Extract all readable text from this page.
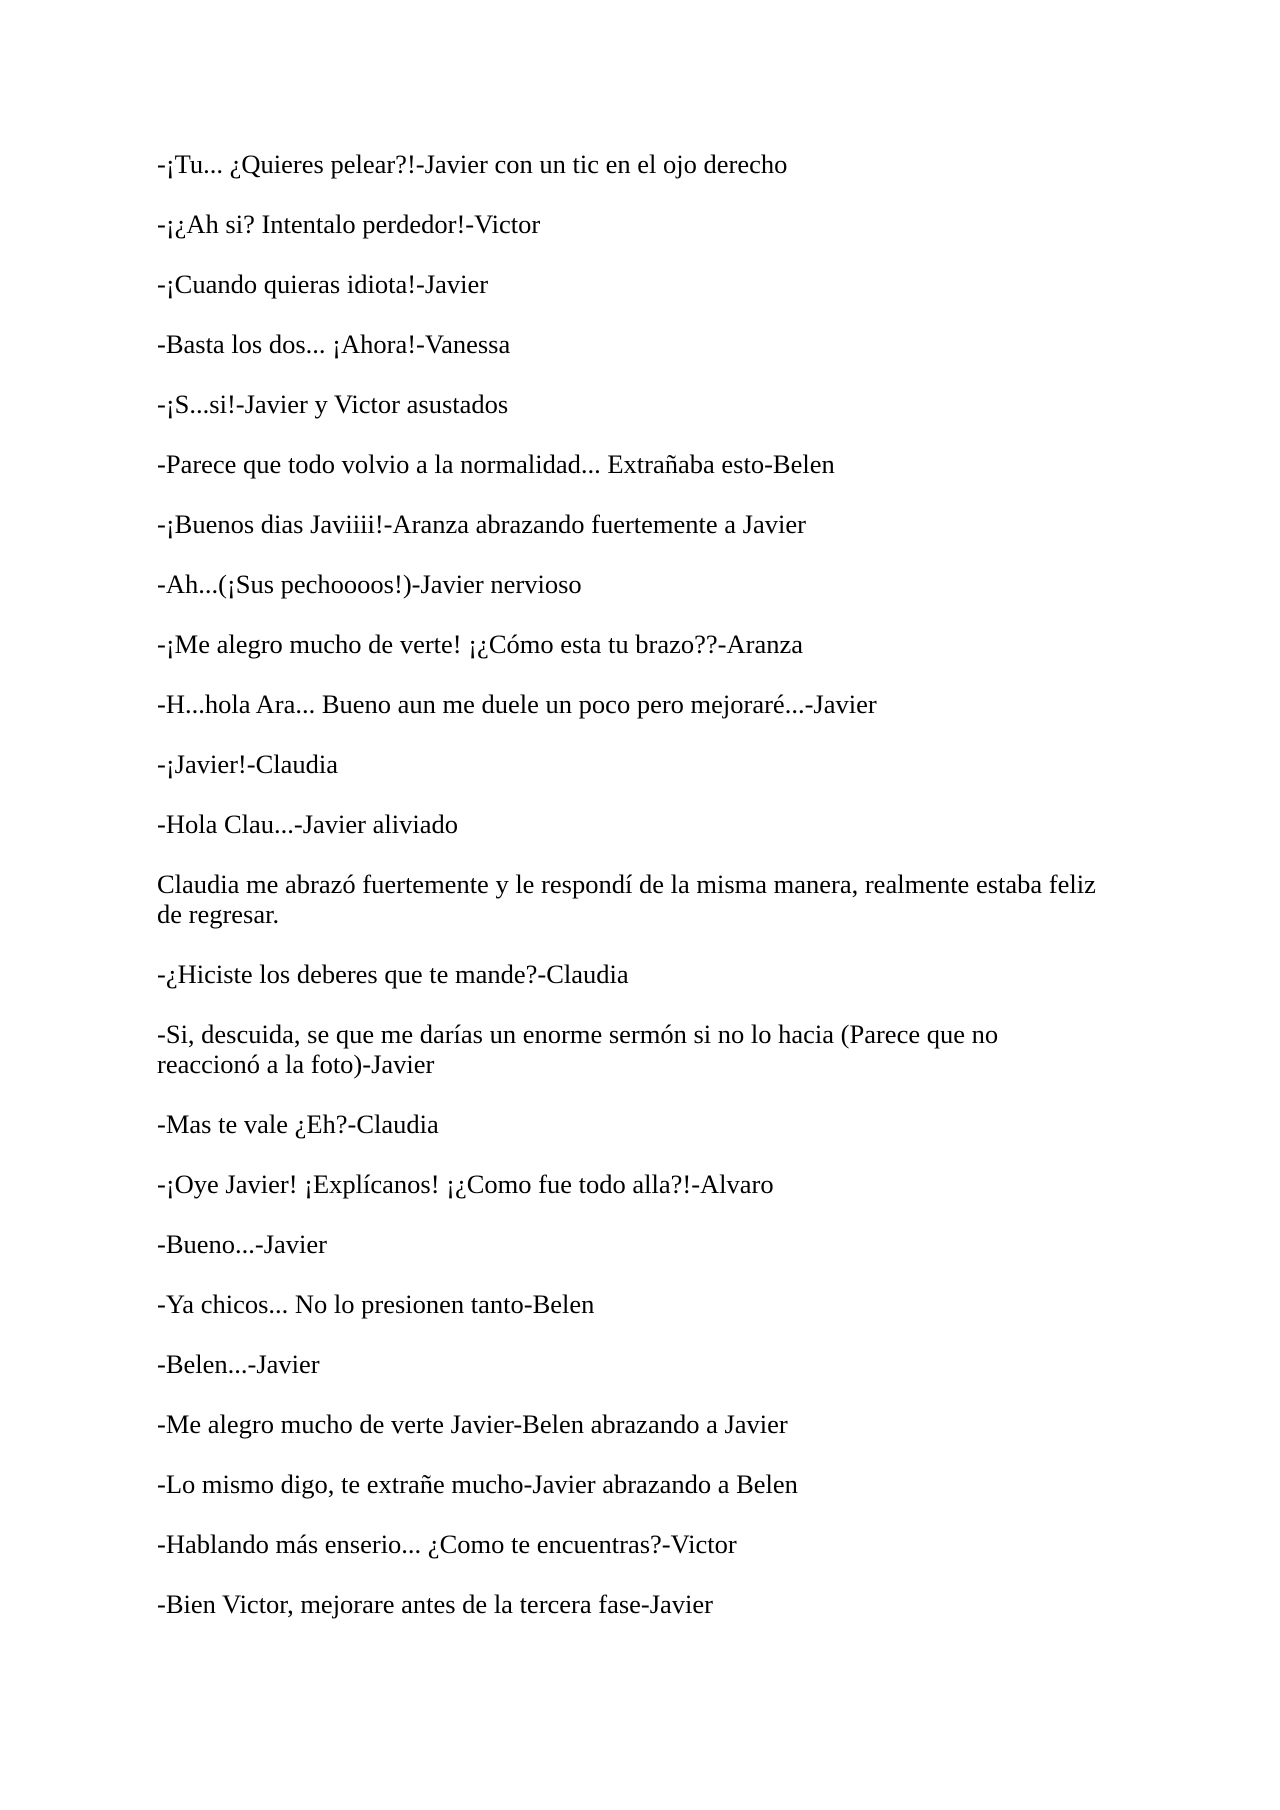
-¡Tu... ¿Quieres pelear?!-Javier con un tic en el ojo derecho

-¡¿Ah si? Intentalo perdedor!-Victor

-¡Cuando quieras idiota!-Javier

-Basta los dos... ¡Ahora!-Vanessa

-¡S...si!-Javier y Victor asustados

-Parece que todo volvio a la normalidad... Extrañaba esto-Belen

-¡Buenos dias Javiiii!-Aranza abrazando fuertemente a Javier

-Ah...(¡Sus pechoooos!)-Javier nervioso

-¡Me alegro mucho de verte! ¡¿Cómo esta tu brazo??-Aranza

-H...hola Ara... Bueno aun me duele un poco pero mejoraré...-Javier

-¡Javier!-Claudia

-Hola Clau...-Javier aliviado

Claudia me abrazó fuertemente y le respondí de la misma manera, realmente estaba feliz
de regresar.

-¿Hiciste los deberes que te mande?-Claudia

-Si, descuida, se que me darías un enorme sermón si no lo hacia (Parece que no
reaccionó a la foto)-Javier

-Mas te vale ¿Eh?-Claudia

-¡Oye Javier! ¡Explícanos! ¡¿Como fue todo alla?!-Alvaro

-Bueno...-Javier

-Ya chicos... No lo presionen tanto-Belen

-Belen...-Javier

-Me alegro mucho de verte Javier-Belen abrazando a Javier

-Lo mismo digo, te extrañe mucho-Javier abrazando a Belen

-Hablando más enserio... ¿Como te encuentras?-Victor

-Bien Victor, mejorare antes de la tercera fase-Javier
